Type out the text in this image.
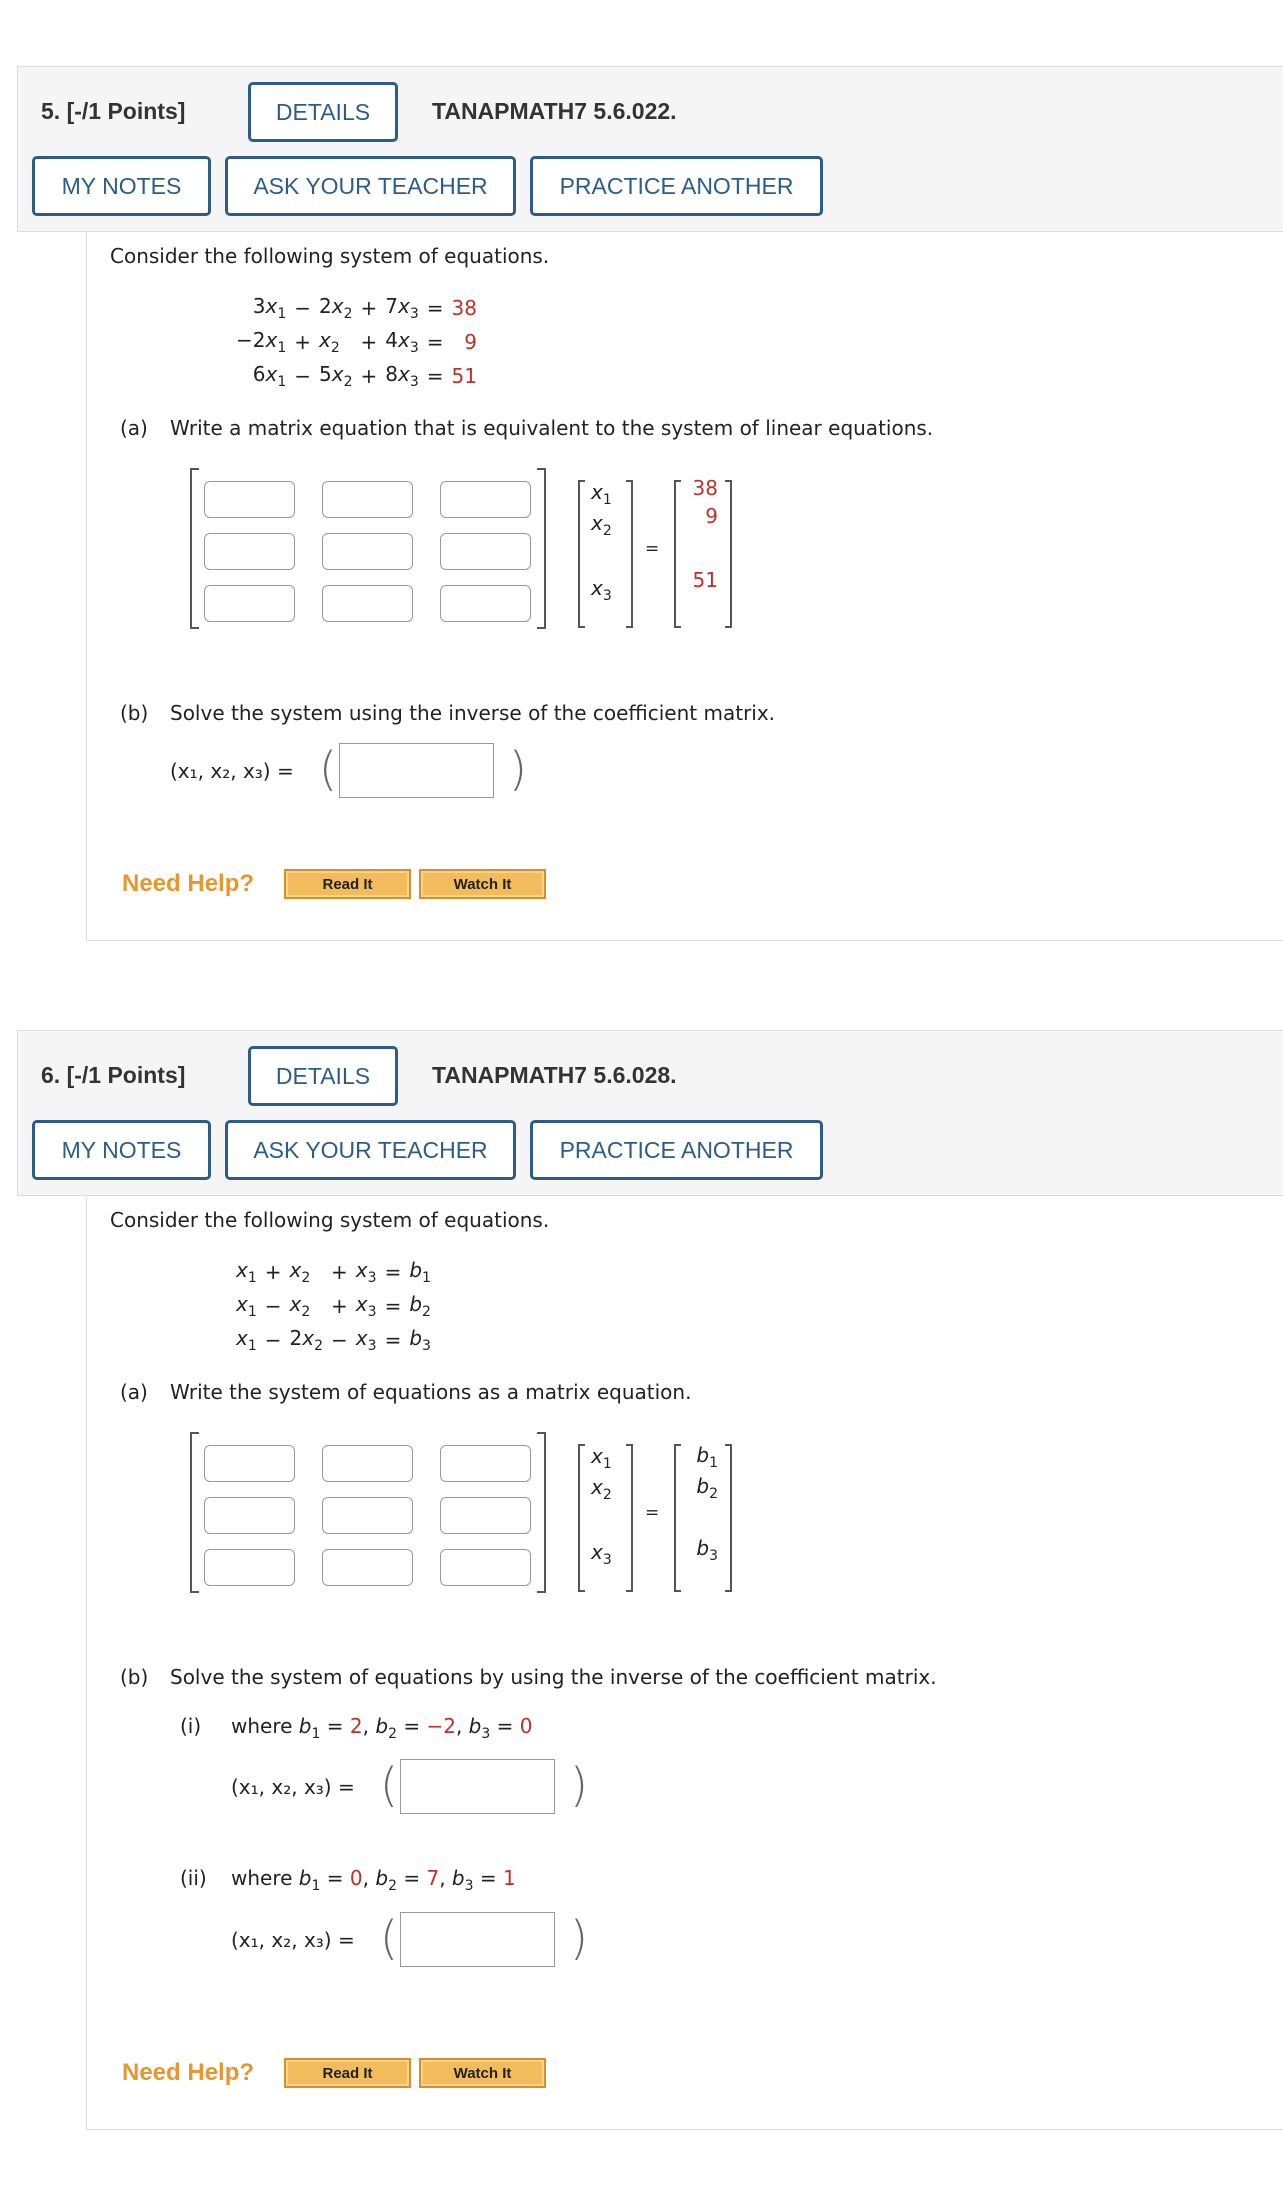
5. [-/1 Points]	DETAILS	TANAPMATH7 5.6.022.
MY NOTES	ASK YOUR TEACHER	PRACTICE ANOTHER
Consider the following system of equations.
$3x_1$	−	$2x_2$	+	$7x_3$	=	38
$-2x_1$	+	$x_2$	+	$4x_3$	=	9
$6x_1$	−	$5x_2$	+	$8x_3$	=	51
(a) Write a matrix equation that is equivalent to the system of linear equations.
$x_1$
$x_2$
$x_3$
=
38
9
51
(b) Solve the system using the inverse of the coefficient matrix.
(x₁, x₂, x₃) = (	)
Need Help?	Read It	Watch It
6. [-/1 Points]	DETAILS	TANAPMATH7 5.6.028.
MY NOTES	ASK YOUR TEACHER	PRACTICE ANOTHER
Consider the following system of equations.
$x_1$	+	$x_2$	+	$x_3$	=	$b_1$
$x_1$	−	$x_2$	+	$x_3$	=	$b_2$
$x_1$	−	$2x_2$	−	$x_3$	=	$b_3$
(a) Write the system of equations as a matrix equation.
$x_1$
$x_2$
$x_3$
=
$b_1$
$b_2$
$b_3$
(b) Solve the system of equations by using the inverse of the coefficient matrix.
(i) where $b_1 = 2$, $b_2 = -2$, $b_3 = 0$
(x₁, x₂, x₃) = (	)
(ii) where $b_1 = 0$, $b_2 = 7$, $b_3 = 1$
(x₁, x₂, x₃) = (	)
Need Help?	Read It	Watch It
